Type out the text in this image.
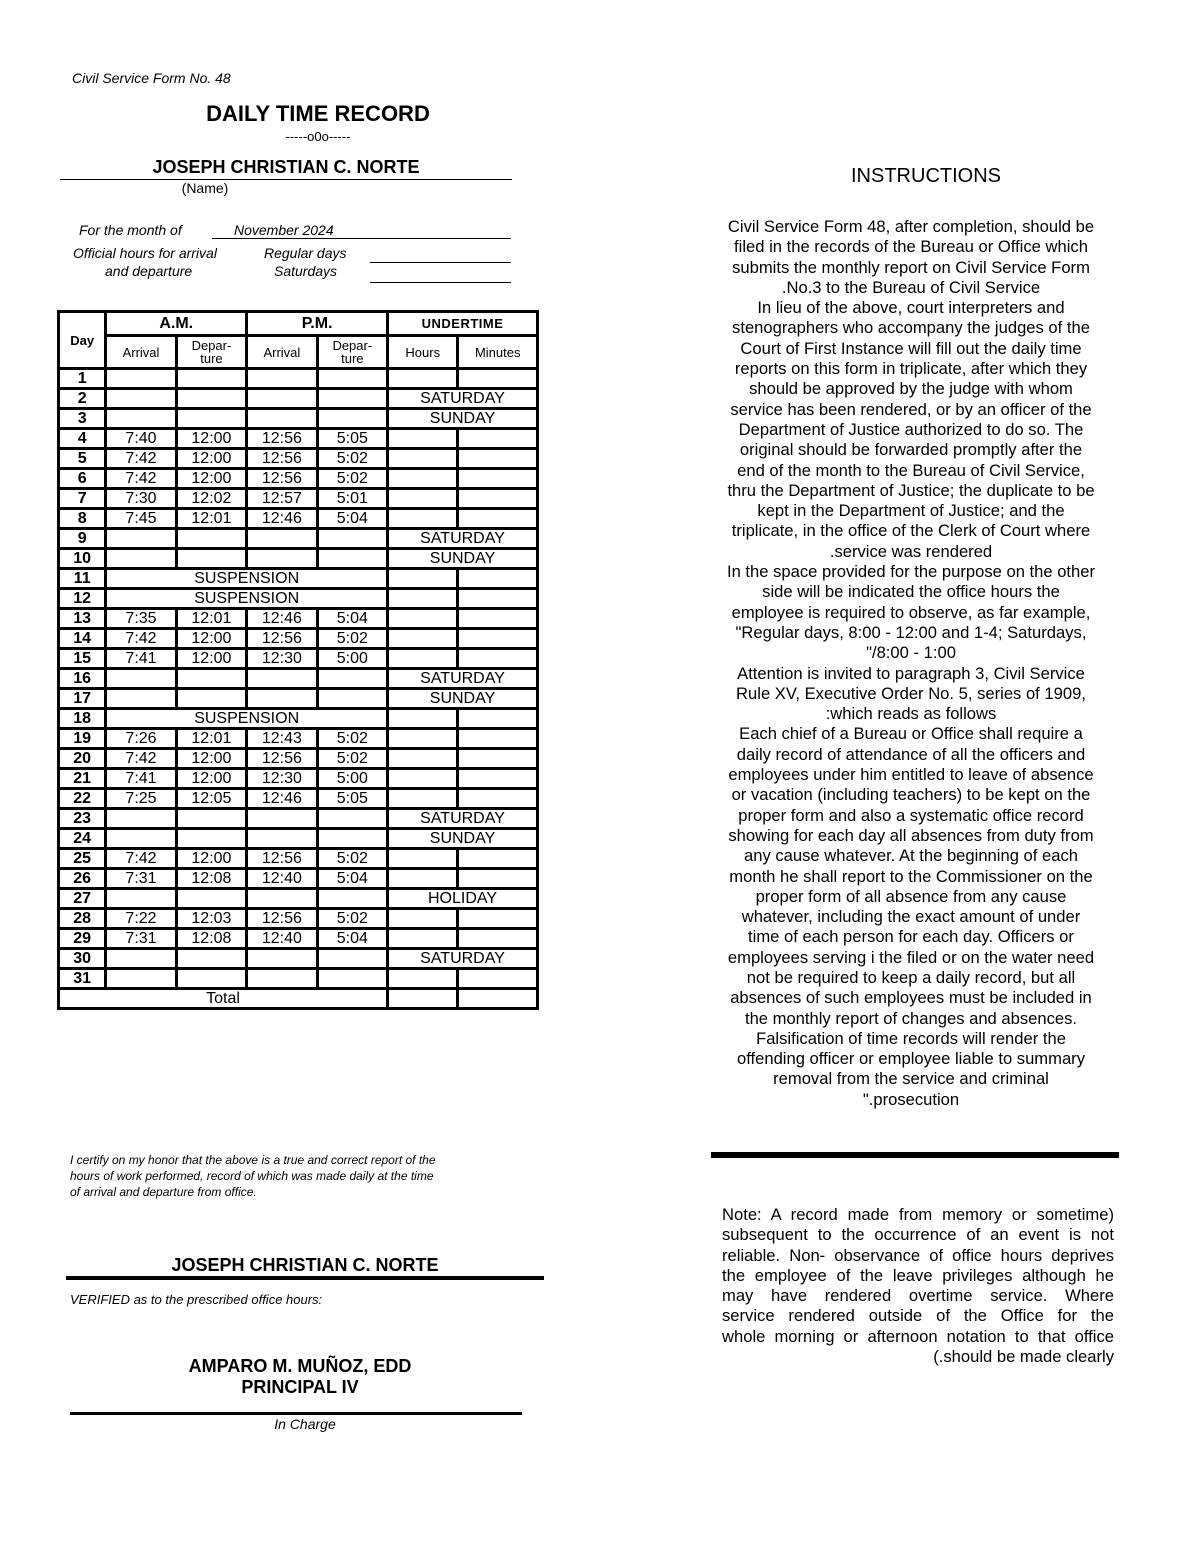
Civil Service Form No. 48
DAILY TIME RECORD
-----o0o-----
JOSEPH CHRISTIAN C. NORTE
(Name)
For the month of	November 2024
Official hours for arrival
and departure
Regular days
Saturdays
Day	A.M.		P.M.		UNDERTIME	
	Arrival	Depar-ture	Arrival	Depar-ture	Hours	Minutes
1						
2					SATURDAY	
3					SUNDAY	
4	7:40	12:00	12:56	5:05		
5	7:42	12:00	12:56	5:02		
6	7:42	12:00	12:56	5:02		
7	7:30	12:02	12:57	5:01		
8	7:45	12:01	12:46	5:04		
9					SATURDAY	
10					SUNDAY	
11	SUSPENSION					
12	SUSPENSION					
13	7:35	12:01	12:46	5:04		
14	7:42	12:00	12:56	5:02		
15	7:41	12:00	12:30	5:00		
16					SATURDAY	
17					SUNDAY	
18	SUSPENSION					
19	7:26	12:01	12:43	5:02		
20	7:42	12:00	12:56	5:02		
21	7:41	12:00	12:30	5:00		
22	7:25	12:05	12:46	5:05		
23					SATURDAY	
24					SUNDAY	
25	7:42	12:00	12:56	5:02		
26	7:31	12:08	12:40	5:04		
27					HOLIDAY	
28	7:22	12:03	12:56	5:02		
29	7:31	12:08	12:40	5:04		
30					SATURDAY	
31						
Total						
I certify on my honor that the above is a true and correct report of the
hours of work performed, record of which was made daily at the time
of arrival and departure from office.
JOSEPH CHRISTIAN C. NORTE
VERIFIED as to the prescribed office hours:
AMPARO M. MUÑOZ, EDD
PRINCIPAL IV
In Charge
INSTRUCTIONS
Civil Service Form 48, after completion, should be
filed in the records of the Bureau or Office which
submits the monthly report on Civil Service Form
.No.3 to the Bureau of Civil Service
In lieu of the above, court interpreters and
stenographers who accompany the judges of the
Court of First Instance will fill out the daily time
reports on this form in triplicate, after which they
should be approved by the judge with whom
service has been rendered, or by an officer of the
Department of Justice authorized to do so. The
original should be forwarded promptly after the
end of the month to the Bureau of Civil Service,
thru the Department of Justice; the duplicate to be
kept in the Department of Justice; and the
triplicate, in the office of the Clerk of Court where
.service was rendered
In the space provided for the purpose on the other
side will be indicated the office hours the
employee is required to observe, as far example,
"Regular days, 8:00 - 12:00 and 1-4; Saturdays,
"/8:00 - 1:00
Attention is invited to paragraph 3, Civil Service
Rule XV, Executive Order No. 5, series of 1909,
:which reads as follows
Each chief of a Bureau or Office shall require a
daily record of attendance of all the officers and
employees under him entitled to leave of absence
or vacation (including teachers) to be kept on the
proper form and also a systematic office record
showing for each day all absences from duty from
any cause whatever. At the beginning of each
month he shall report to the Commissioner on the
proper form of all absence from any cause
whatever, including the exact amount of under
time of each person for each day. Officers or
employees serving i the filed or on the water need
not be required to keep a daily record, but all
absences of such employees must be included in
the monthly report of changes and absences.
Falsification of time records will render the
offending officer or employee liable to summary
removal from the service and criminal
".prosecution
Note: A record made from memory or sometime)
subsequent to the occurrence of an event is not
reliable. Non- observance of office hours deprives
the employee of the leave privileges although he
may have rendered overtime service. Where
service rendered outside of the Office for the
whole morning or afternoon notation to that office
(.should be made clearly
